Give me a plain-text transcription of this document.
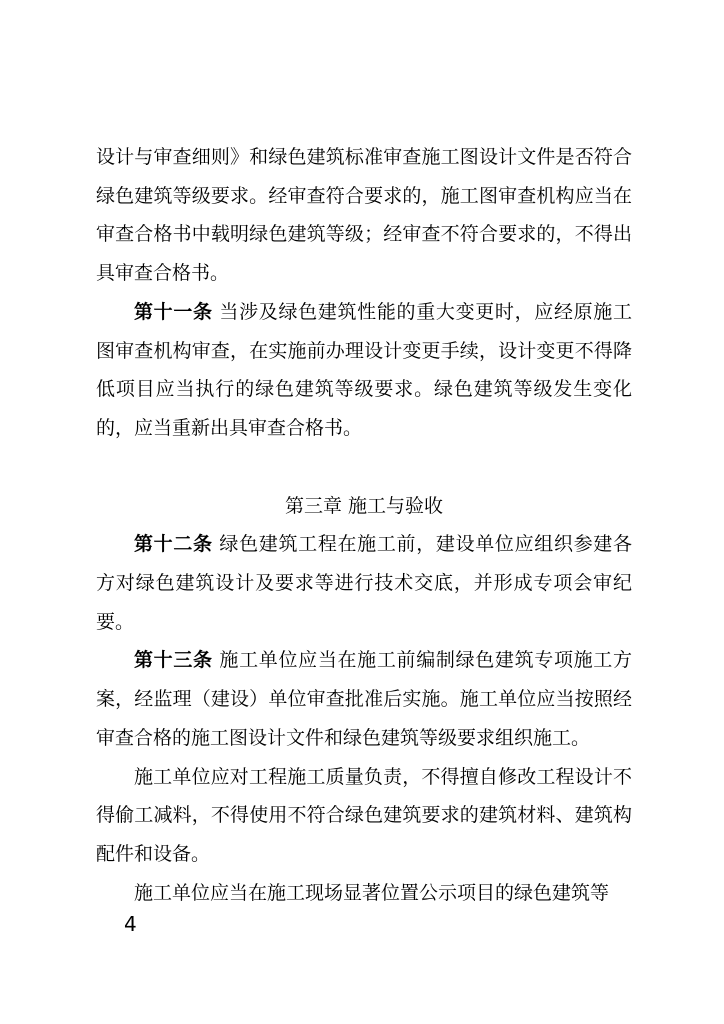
设计与审查细则》和绿色建筑标准审查施工图设计文件是否符合绿色建筑等级要求。经审查符合要求的，施工图审查机构应当在审查合格书中载明绿色建筑等级；经审查不符合要求的，不得出具审查合格书。

第十一条 当涉及绿色建筑性能的重大变更时，应经原施工图审查机构审查，在实施前办理设计变更手续，设计变更不得降低项目应当执行的绿色建筑等级要求。绿色建筑等级发生变化的，应当重新出具审查合格书。

第三章 施工与验收

第十二条 绿色建筑工程在施工前，建设单位应组织参建各方对绿色建筑设计及要求等进行技术交底，并形成专项会审纪要。

第十三条 施工单位应当在施工前编制绿色建筑专项施工方案，经监理（建设）单位审查批准后实施。施工单位应当按照经审查合格的施工图设计文件和绿色建筑等级要求组织施工。

施工单位应对工程施工质量负责，不得擅自修改工程设计不得偷工减料，不得使用不符合绿色建筑要求的建筑材料、建筑构配件和设备。

施工单位应当在施工现场显著位置公示项目的绿色建筑等

4
